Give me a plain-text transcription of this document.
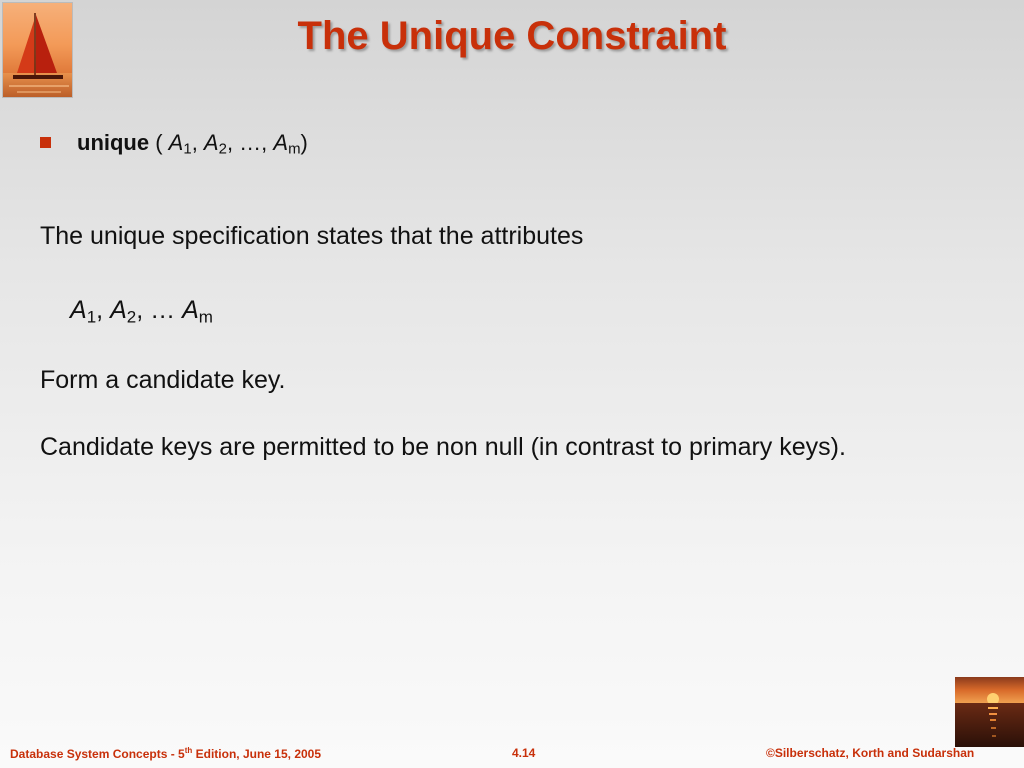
The Unique Constraint
unique ( $A_1$, $A_2$, …, $A_m$)

The unique specification states that the attributes

$A_1$, $A_2$, … $A_m$

Form a candidate key.

Candidate keys are permitted to be non null (in contrast to primary keys).

Database System Concepts - 5th Edition, June 15, 2005	4.14	©Silberschatz, Korth and Sudarshan
